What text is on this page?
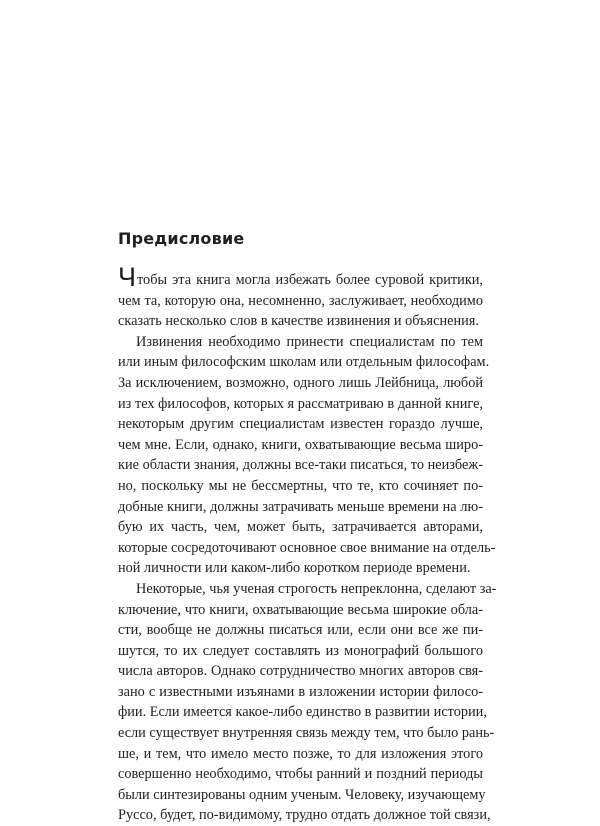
Предисловие
Чтобы эта книга могла избежать более суровой критики,
чем та, которую она, несомненно, заслуживает, необходимо
сказать несколько слов в качестве извинения и объяснения.
Извинения необходимо принести специалистам по тем
или иным философским школам или отдельным философам.
За исключением, возможно, одного лишь Лейбница, любой
из тех философов, которых я рассматриваю в данной книге,
некоторым другим специалистам известен гораздо лучше,
чем мне. Если, однако, книги, охватывающие весьма широ-
кие области знания, должны все-таки писаться, то неизбеж-
но, поскольку мы не бессмертны, что те, кто сочиняет по-
добные книги, должны затрачивать меньше времени на лю-
бую их часть, чем, может быть, затрачивается авторами,
которые сосредоточивают основное свое внимание на отдель-
ной личности или каком-либо коротком периоде времени.
Некоторые, чья ученая строгость непреклонна, сделают за-
ключение, что книги, охватывающие весьма широкие обла-
сти, вообще не должны писаться или, если они все же пи-
шутся, то их следует составлять из монографий большого
числа авторов. Однако сотрудничество многих авторов свя-
зано с известными изъянами в изложении истории филосо-
фии. Если имеется какое-либо единство в развитии истории,
если существует внутренняя связь между тем, что было рань-
ше, и тем, что имело место позже, то для изложения этого
совершенно необходимо, чтобы ранний и поздний периоды
были синтезированы одним ученым. Человеку, изучающему
Руссо, будет, по-видимому, трудно отдать должное той связи,
